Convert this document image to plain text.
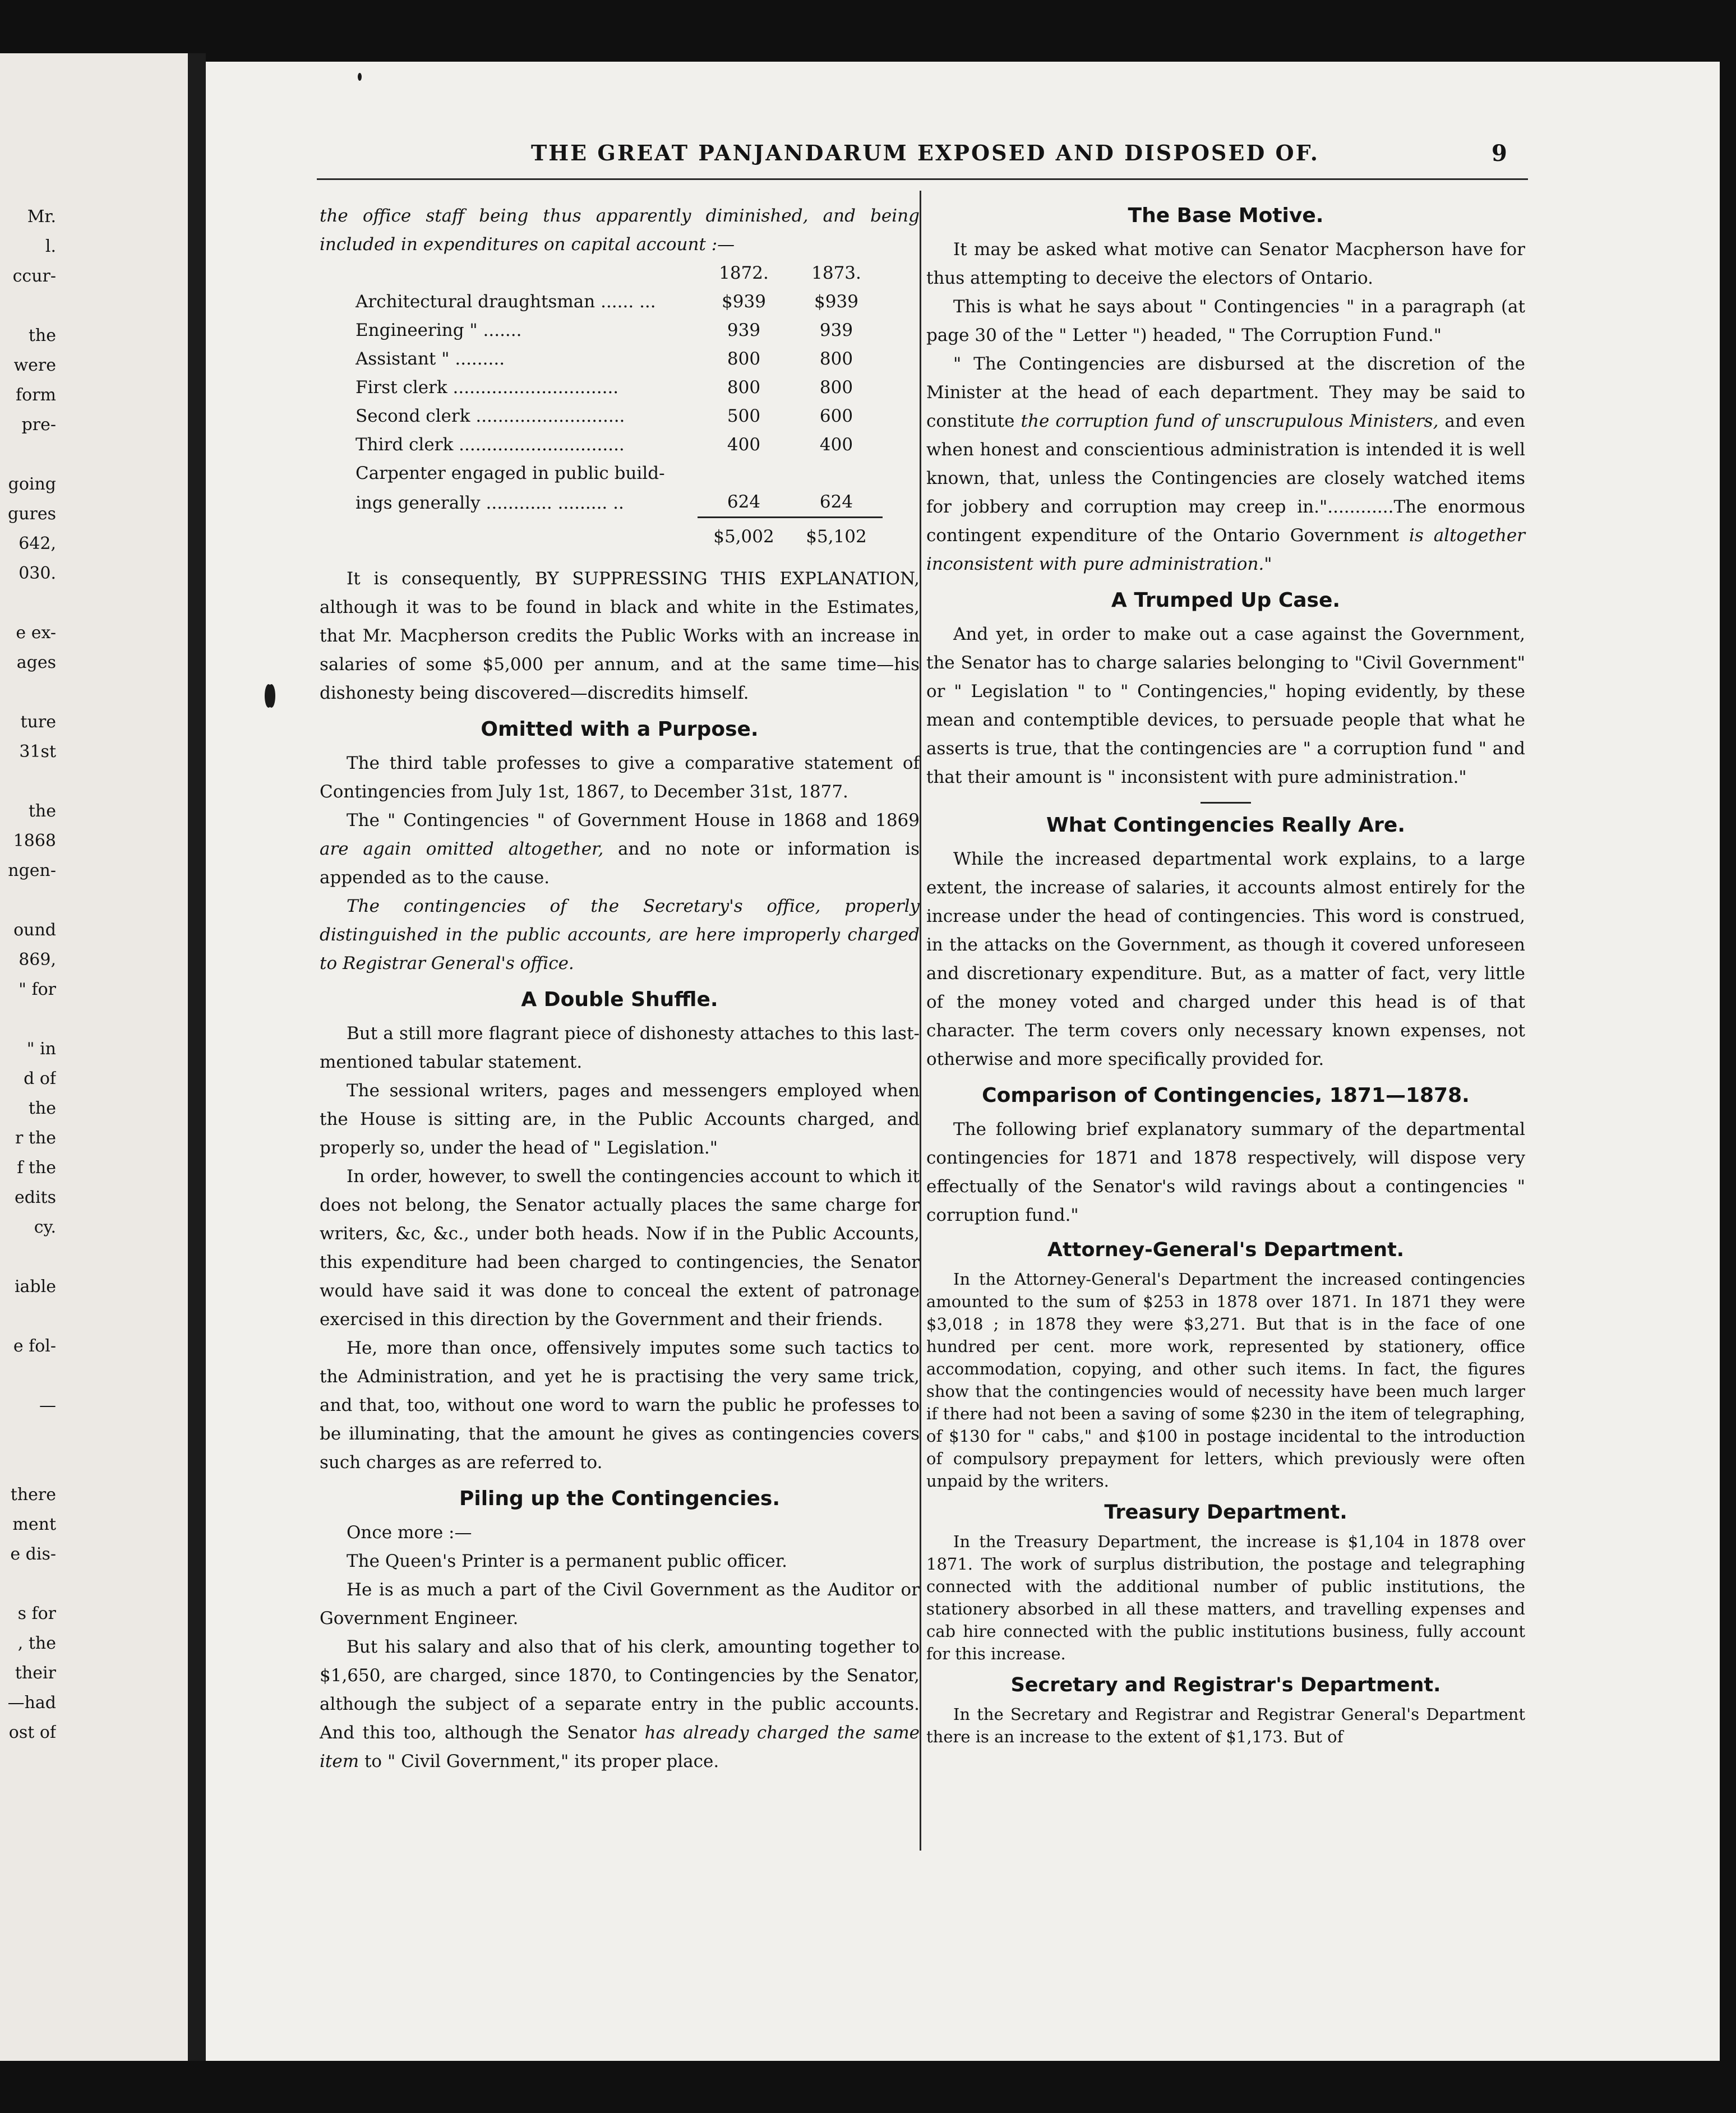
Mr.
l.
ccur-
the
were
form
pre-
going
gures
642,
030.
e ex-
ages
ture
31st
the
1868
ngen-
ound
869,
" for
" in
d of
the
r the
f the
edits
cy.
iable
e fol-
—
there
ment
e dis-
s for
, the
their
—had
ost of
THE GREAT PANJANDARUM EXPOSED AND DISPOSED OF.	9

the office staff being thus apparently diminished, and being included in expenditures on capital account :—

	1872.	1873.
Architectural draughtsman ...... ...	$939	$939
Engineering " .......	939	939
Assistant " .........	800	800
First clerk ..............................	800	800
Second clerk ...........................	500	600
Third clerk ..............................	400	400
Carpenter engaged in public build-		
ings generally ............ ......... ..	624	624
	$5,002	$5,102

It is consequently, BY SUPPRESSING THIS EXPLANATION, although it was to be found in black and white in the Estimates, that Mr. Macpherson credits the Public Works with an increase in salaries of some $5,000 per annum, and at the same time—his dishonesty being discovered—discredits himself.

Omitted with a Purpose.

The third table professes to give a comparative statement of Contingencies from July 1st, 1867, to December 31st, 1877.

The " Contingencies " of Government House in 1868 and 1869 are again omitted altogether, and no note or information is appended as to the cause.

The contingencies of the Secretary's office, properly distinguished in the public accounts, are here improperly charged to Registrar General's office.

A Double Shuffle.

But a still more flagrant piece of dishonesty attaches to this last-mentioned tabular statement.

The sessional writers, pages and messengers employed when the House is sitting are, in the Public Accounts charged, and properly so, under the head of " Legislation."

In order, however, to swell the contingencies account to which it does not belong, the Senator actually places the same charge for writers, &c, &c., under both heads. Now if in the Public Accounts, this expenditure had been charged to contingencies, the Senator would have said it was done to conceal the extent of patronage exercised in this direction by the Government and their friends.

He, more than once, offensively imputes some such tactics to the Administration, and yet he is practising the very same trick, and that, too, without one word to warn the public he professes to be illuminating, that the amount he gives as contingencies covers such charges as are referred to.

Piling up the Contingencies.

Once more :—

The Queen's Printer is a permanent public officer.

He is as much a part of the Civil Government as the Auditor or Government Engineer.

But his salary and also that of his clerk, amounting together to $1,650, are charged, since 1870, to Contingencies by the Senator, although the subject of a separate entry in the public accounts. And this too, although the Senator has already charged the same item to " Civil Government," its proper place.

The Base Motive.

It may be asked what motive can Senator Macpherson have for thus attempting to deceive the electors of Ontario.

This is what he says about " Contingencies " in a paragraph (at page 30 of the " Letter ") headed, " The Corruption Fund."

" The Contingencies are disbursed at the discretion of the Minister at the head of each department. They may be said to constitute the corruption fund of unscrupulous Ministers, and even when honest and conscientious administration is intended it is well known, that, unless the Contingencies are closely watched items for jobbery and corruption may creep in."............The enormous contingent expenditure of the Ontario Government is altogether inconsistent with pure administration."

A Trumped Up Case.

And yet, in order to make out a case against the Government, the Senator has to charge salaries belonging to "Civil Government" or " Legislation " to " Contingencies," hoping evidently, by these mean and contemptible devices, to persuade people that what he asserts is true, that the contingencies are " a corruption fund " and that their amount is " inconsistent with pure administration."

What Contingencies Really Are.

While the increased departmental work explains, to a large extent, the increase of salaries, it accounts almost entirely for the increase under the head of contingencies. This word is construed, in the attacks on the Government, as though it covered unforeseen and discretionary expenditure. But, as a matter of fact, very little of the money voted and charged under this head is of that character. The term covers only necessary known expenses, not otherwise and more specifically provided for.

Comparison of Contingencies, 1871—1878.

The following brief explanatory summary of the departmental contingencies for 1871 and 1878 respectively, will dispose very effectually of the Senator's wild ravings about a contingencies " corruption fund."

Attorney-General's Department.

In the Attorney-General's Department the increased contingencies amounted to the sum of $253 in 1878 over 1871. In 1871 they were $3,018 ; in 1878 they were $3,271. But that is in the face of one hundred per cent. more work, represented by stationery, office accommodation, copying, and other such items. In fact, the figures show that the contingencies would of necessity have been much larger if there had not been a saving of some $230 in the item of telegraphing, of $130 for " cabs," and $100 in postage incidental to the introduction of compulsory prepayment for letters, which previously were often unpaid by the writers.

Treasury Department.

In the Treasury Department, the increase is $1,104 in 1878 over 1871. The work of surplus distribution, the postage and telegraphing connected with the additional number of public institutions, the stationery absorbed in all these matters, and travelling expenses and cab hire connected with the public institutions business, fully account for this increase.

Secretary and Registrar's Department.

In the Secretary and Registrar and Registrar General's Department there is an increase to the extent of $1,173. But of
